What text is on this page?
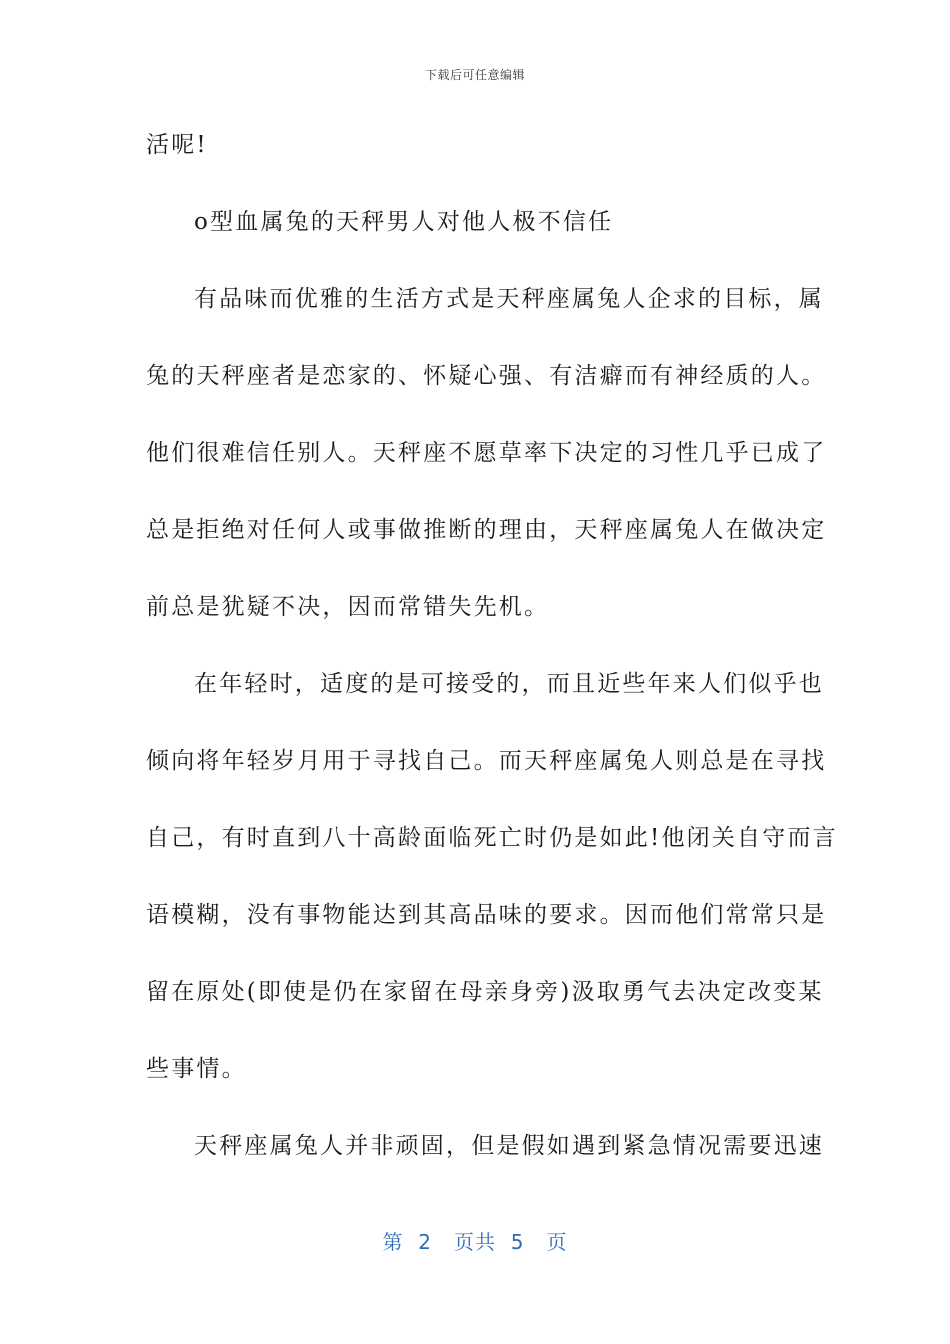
下载后可任意编辑
活呢!
o型血属兔的天秤男人对他人极不信任
有品味而优雅的生活方式是天秤座属兔人企求的目标，属
兔的天秤座者是恋家的、怀疑心强、有洁癖而有神经质的人。
他们很难信任别人。天秤座不愿草率下决定的习性几乎已成了
总是拒绝对任何人或事做推断的理由，天秤座属兔人在做决定
前总是犹疑不决，因而常错失先机。
在年轻时，适度的是可接受的，而且近些年来人们似乎也
倾向将年轻岁月用于寻找自己。而天秤座属兔人则总是在寻找
自己，有时直到八十高龄面临死亡时仍是如此!他闭关自守而言
语模糊，没有事物能达到其高品味的要求。因而他们常常只是
留在原处(即使是仍在家留在母亲身旁)汲取勇气去决定改变某
些事情。
天秤座属兔人并非顽固，但是假如遇到紧急情况需要迅速
第  2   页共  5   页
